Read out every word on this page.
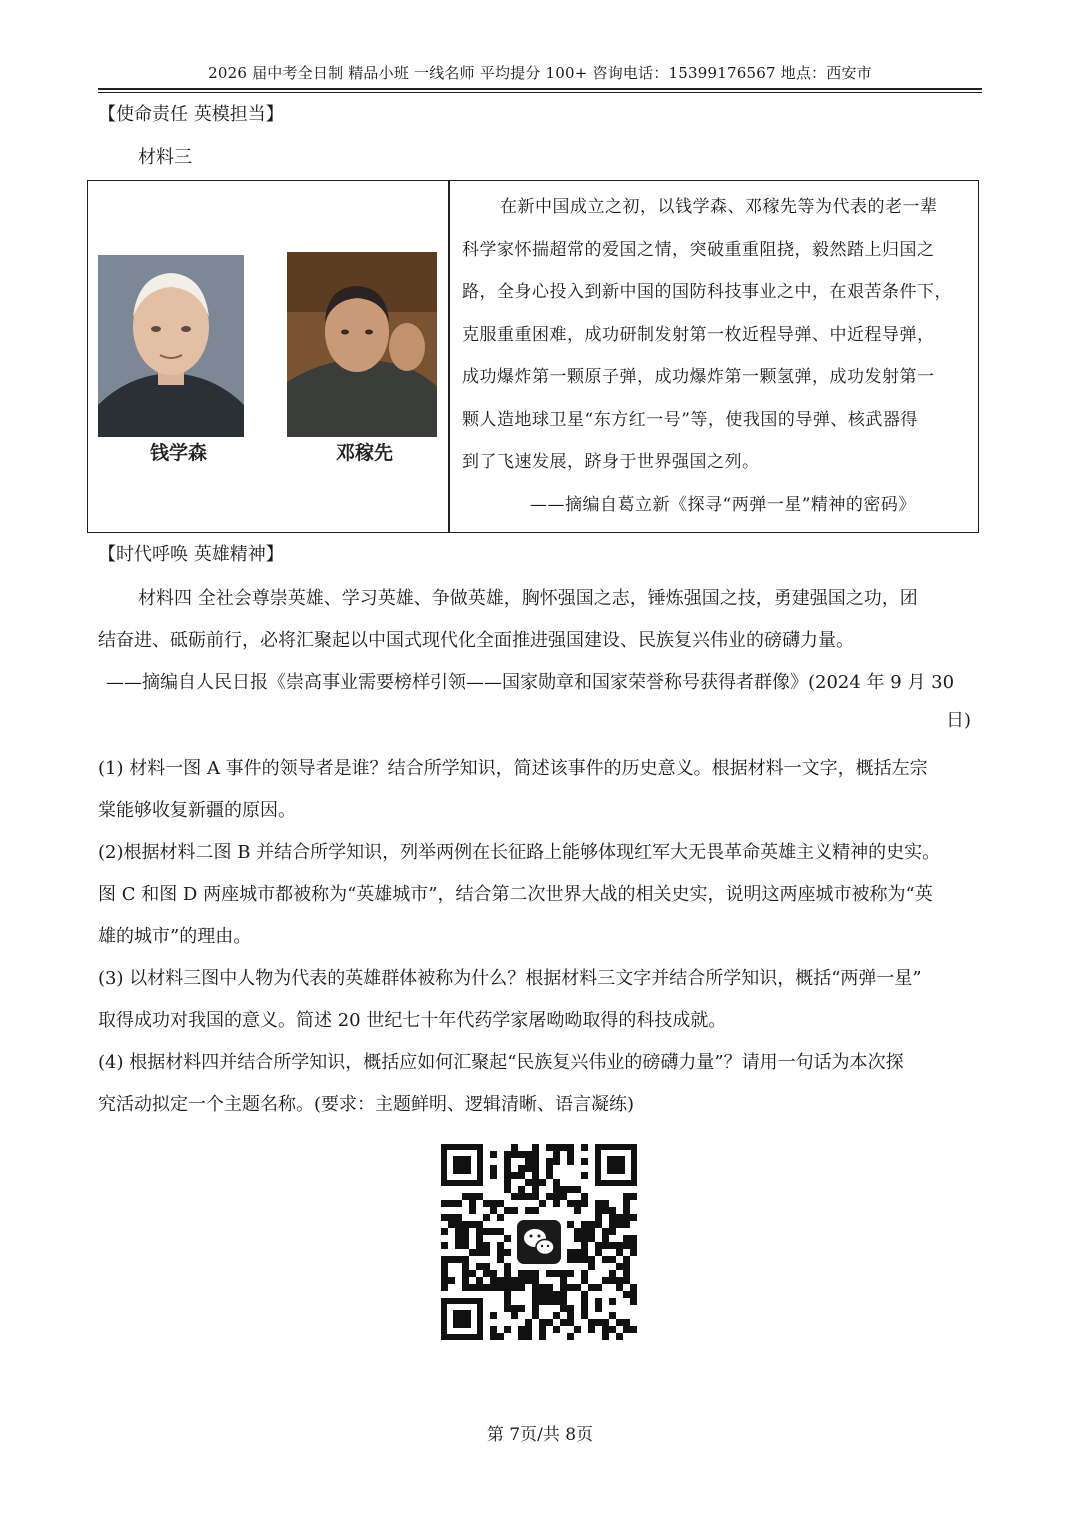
2026 届中考全日制 精品小班 一线名师 平均提分 100+ 咨询电话：15399176567 地点：西安市
【使命责任 英模担当】
材料三
钱学森	邓稼先
在新中国成立之初，以钱学森、邓稼先等为代表的老一辈
科学家怀揣超常的爱国之情，突破重重阻挠，毅然踏上归国之
路，全身心投入到新中国的国防科技事业之中，在艰苦条件下，
克服重重困难，成功研制发射第一枚近程导弹、中近程导弹，
成功爆炸第一颗原子弹，成功爆炸第一颗氢弹，成功发射第一
颗人造地球卫星“东方红一号”等，使我国的导弹、核武器得
到了飞速发展，跻身于世界强国之列。
——摘编自葛立新《探寻“两弹一星”精神的密码》
【时代呼唤 英雄精神】
材料四 全社会尊崇英雄、学习英雄、争做英雄，胸怀强国之志，锤炼强国之技，勇建强国之功，团
结奋进、砥砺前行，必将汇聚起以中国式现代化全面推进强国建设、民族复兴伟业的磅礴力量。
——摘编自人民日报《崇高事业需要榜样引领——国家勋章和国家荣誉称号获得者群像》(2024 年 9 月 30
日)
(1) 材料一图 A 事件的领导者是谁？结合所学知识，简述该事件的历史意义。根据材料一文字，概括左宗
棠能够收复新疆的原因。
(2)根据材料二图 B 并结合所学知识，列举两例在长征路上能够体现红军大无畏革命英雄主义精神的史实。
图 C 和图 D 两座城市都被称为“英雄城市”，结合第二次世界大战的相关史实，说明这两座城市被称为“英
雄的城市”的理由。
(3) 以材料三图中人物为代表的英雄群体被称为什么？根据材料三文字并结合所学知识，概括“两弹一星”
取得成功对我国的意义。简述 20 世纪七十年代药学家屠呦呦取得的科技成就。
(4) 根据材料四并结合所学知识，概括应如何汇聚起“民族复兴伟业的磅礴力量”？请用一句话为本次探
究活动拟定一个主题名称。(要求：主题鲜明、逻辑清晰、语言凝练)
第 7页/共 8页
